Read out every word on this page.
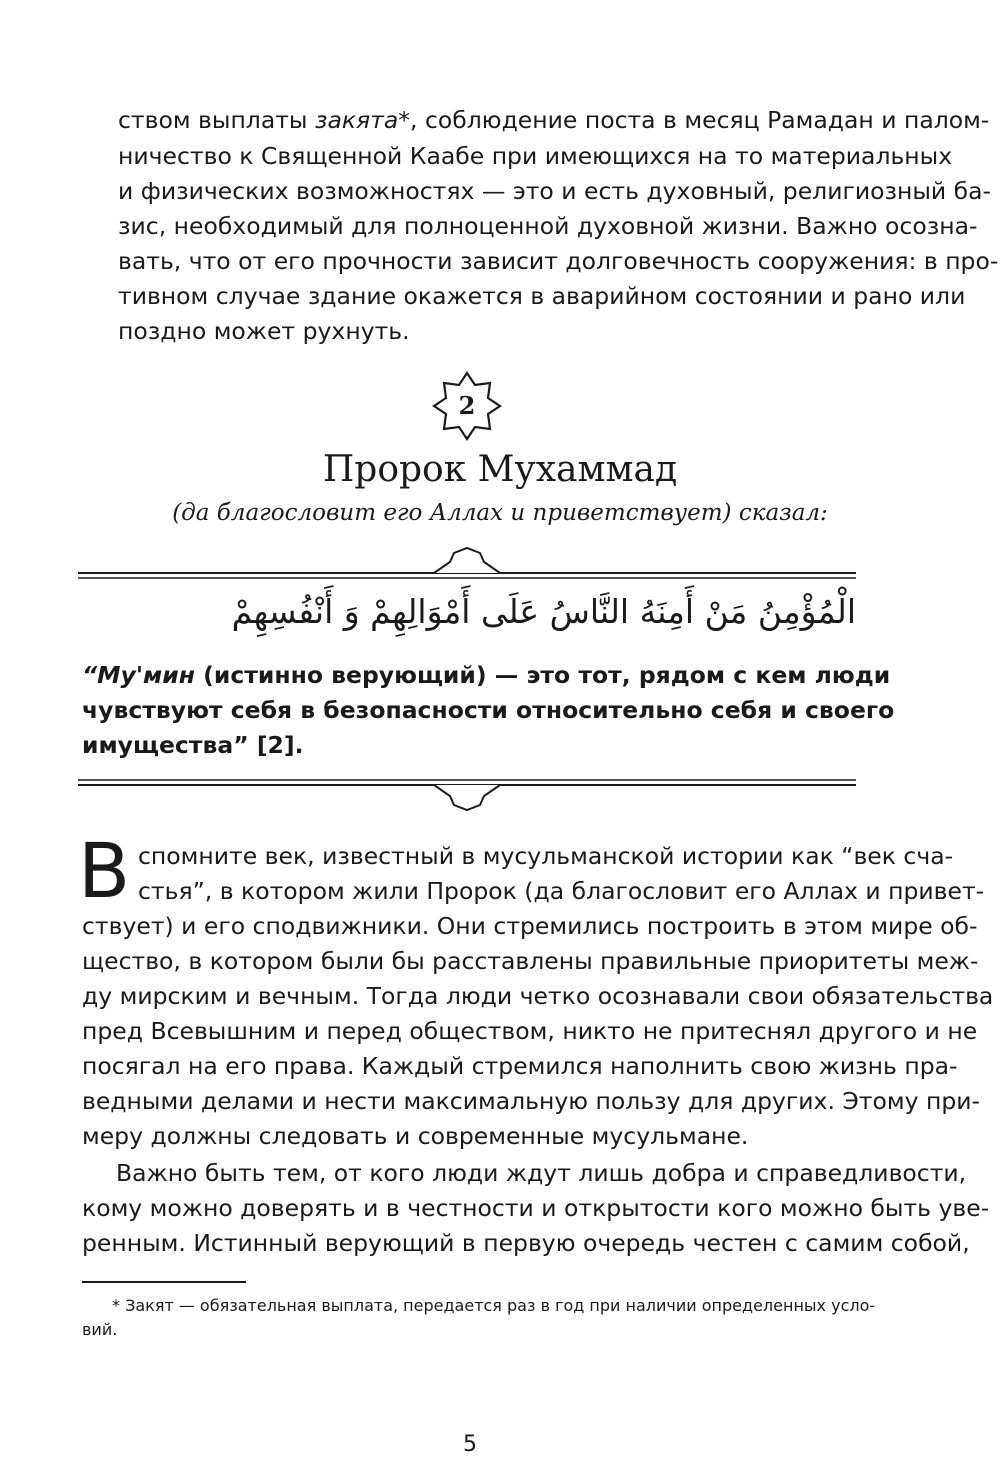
ством выплаты закята*, соблюдение поста в месяц Рамадан и палом-
ничество к Священной Каабе при имеющихся на то материальных
и физических возможностях — это и есть духовный, религиозный ба-
зис, необходимый для полноценной духовной жизни. Важно осозна-
вать, что от его прочности зависит долговечность сооружения: в про-
тивном случае здание окажется в аварийном состоянии и рано или
поздно может рухнуть.
2
Пророк Мухаммад
(да благословит его Аллах и приветствует) сказал:
الْمُؤْمِنُ مَنْ أَمِنَهُ النَّاسُ عَلَى أَمْوَالِهِمْ وَ أَنْفُسِهِمْ
“Му'мин (истинно верующий) — это тот, рядом с кем люди
чувствуют себя в безопасности относительно себя и своего
имущества” [2].
В спомните век, известный в мусульманской истории как “век сча-
стья”, в котором жили Пророк (да благословит его Аллах и привет-
ствует) и его сподвижники. Они стремились построить в этом мире об-
щество, в котором были бы расставлены правильные приоритеты меж-
ду мирским и вечным. Тогда люди четко осознавали свои обязательства
пред Всевышним и перед обществом, никто не притеснял другого и не
посягал на его права. Каждый стремился наполнить свою жизнь пра-
ведными делами и нести максимальную пользу для других. Этому при-
меру должны следовать и современные мусульмане.
Важно быть тем, от кого люди ждут лишь добра и справедливости,
кому можно доверять и в честности и открытости кого можно быть уве-
ренным. Истинный верующий в первую очередь честен с самим собой,
* Закят — обязательная выплата, передается раз в год при наличии определенных усло-
вий.
5
